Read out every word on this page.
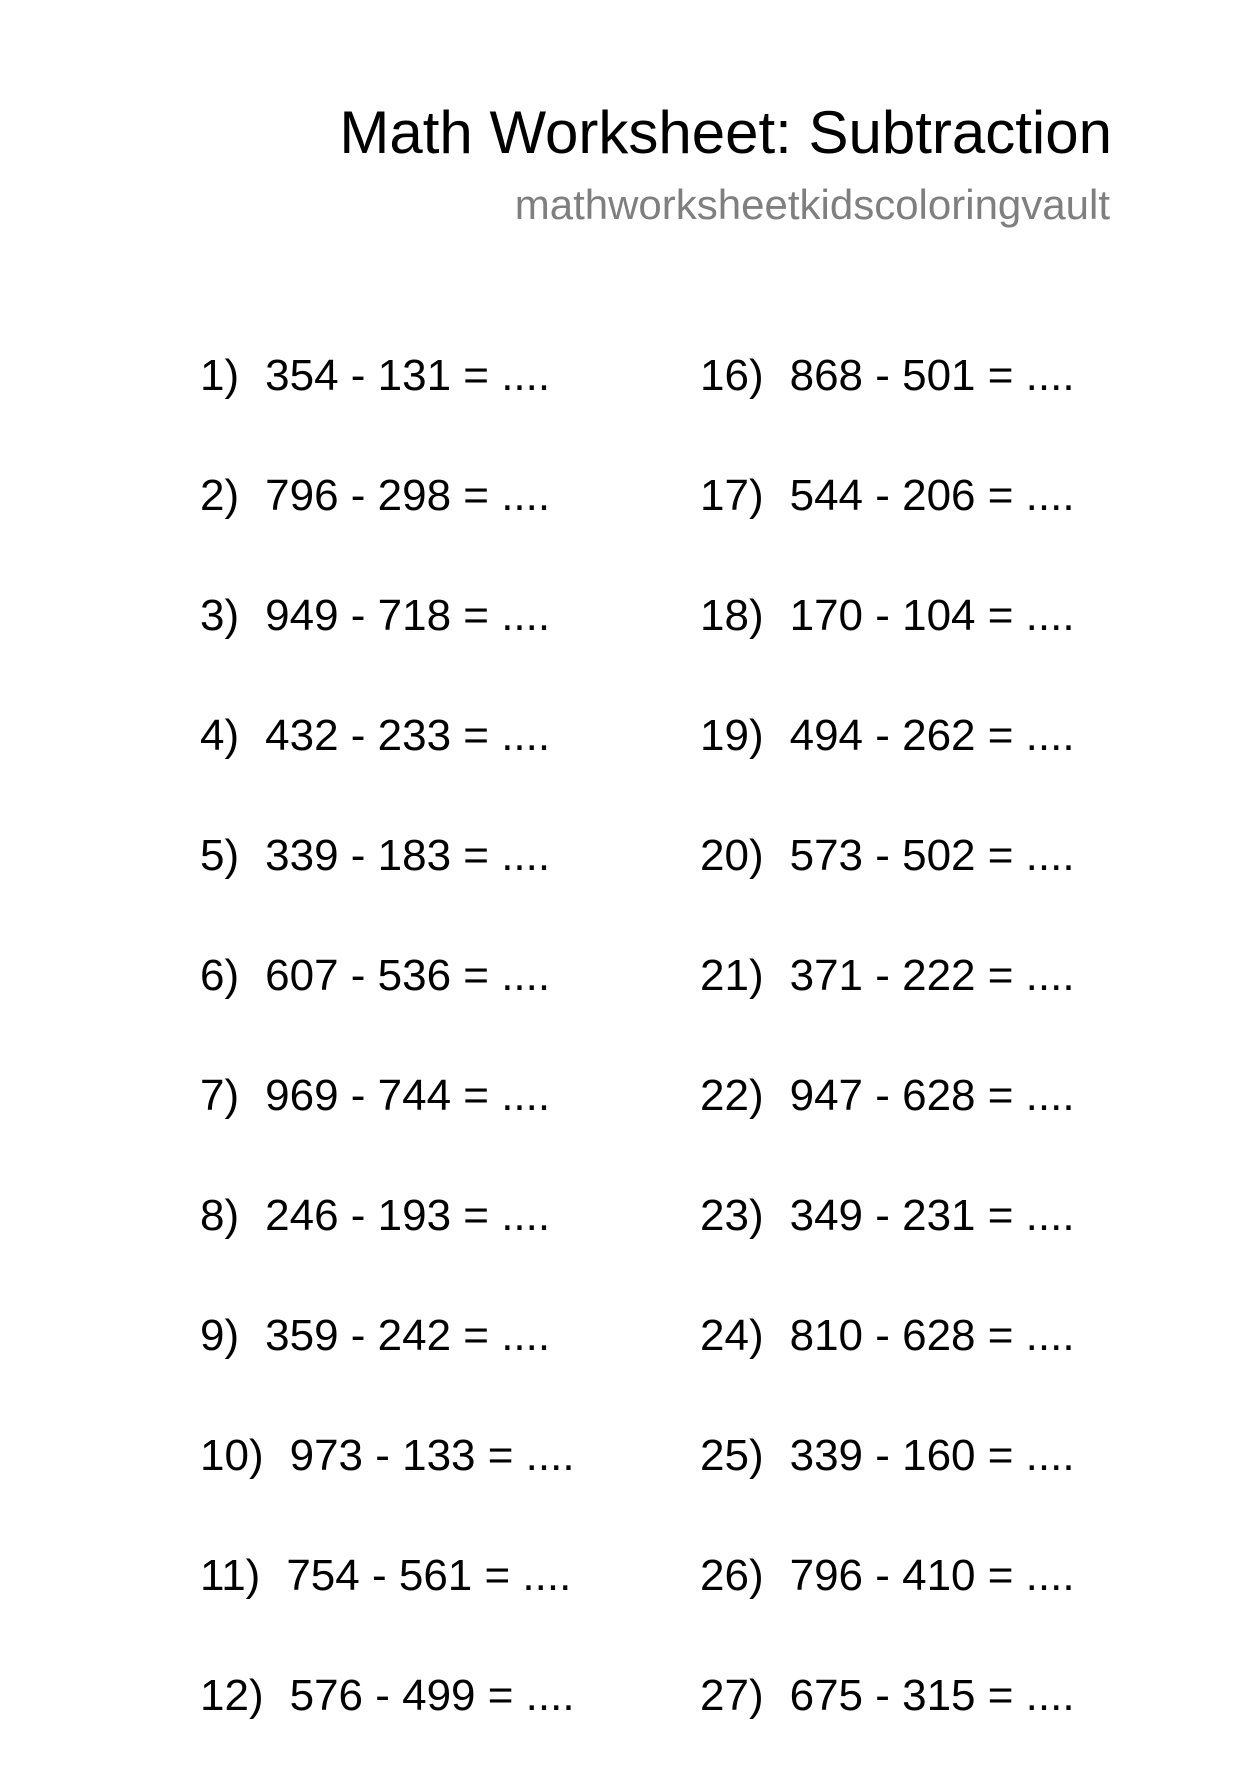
Math Worksheet: Subtraction
mathworksheetkidscoloringvault
1) 354 - 131 = ....
2) 796 - 298 = ....
3) 949 - 718 = ....
4) 432 - 233 = ....
5) 339 - 183 = ....
6) 607 - 536 = ....
7) 969 - 744 = ....
8) 246 - 193 = ....
9) 359 - 242 = ....
10) 973 - 133 = ....
11) 754 - 561 = ....
12) 576 - 499 = ....
16) 868 - 501 = ....
17) 544 - 206 = ....
18) 170 - 104 = ....
19) 494 - 262 = ....
20) 573 - 502 = ....
21) 371 - 222 = ....
22) 947 - 628 = ....
23) 349 - 231 = ....
24) 810 - 628 = ....
25) 339 - 160 = ....
26) 796 - 410 = ....
27) 675 - 315 = ....
